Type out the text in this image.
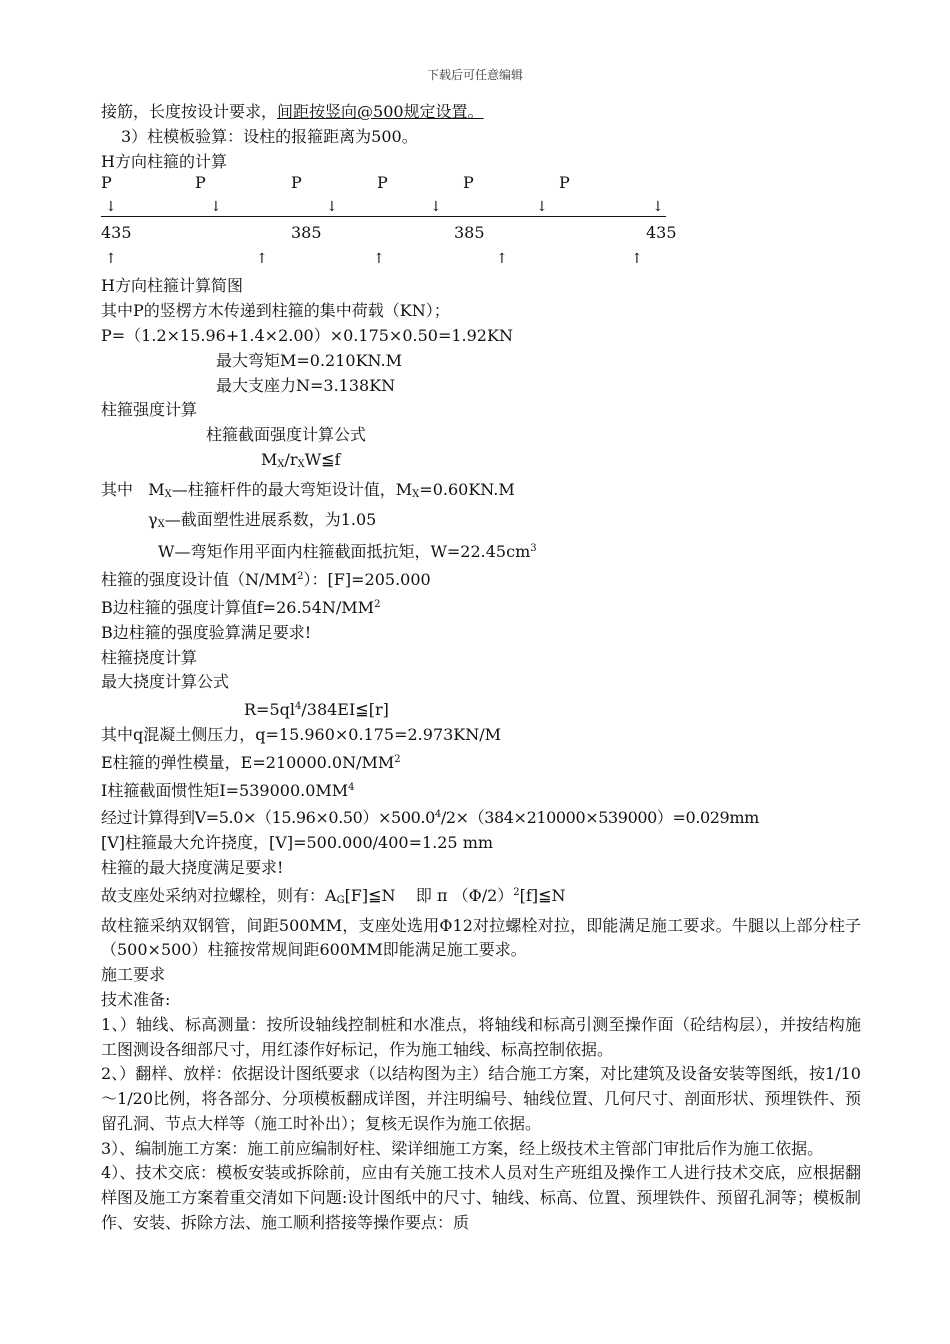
下载后可任意编辑

接筋，长度按设计要求，间距按竖向@500规定设置。

3）柱模板验算：设柱的报箍距离为500。

H方向柱箍的计算

P	P	P	P	P	P
↓	↓	↓	↓	↓	↓
435	385	385	435
↑	↑	↑	↑	↑

H方向柱箍计算简图

其中P的竖楞方木传递到柱箍的集中荷载（KN）；

P=（1.2×15.96+1.4×2.00）×0.175×0.50=1.92KN

最大弯矩M=0.210KN.M

最大支座力N=3.138KN

柱箍强度计算

柱箍截面强度计算公式

$M_X/r_XW≦f$

其中   $M_X—$柱箍杆件的最大弯矩设计值，$M_X=0.60KN.M$

$\gamma_X—$截面塑性进展系数，为1.05

W—弯矩作用平面内柱箍截面抵抗矩，$W=22.45cm^3$

柱箍的强度设计值$(N/MM^2)$：[F]=205.000

B边柱箍的强度计算值$f=26.54N/MM^2$

B边柱箍的强度验算满足要求!

柱箍挠度计算

最大挠度计算公式

$R=5ql^4/384EI≦[r]$

其中q混凝土侧压力，q=15.960×0.175=2.973KN/M

E柱箍的弹性模量，$E=210000.0N/MM^2$

I柱箍截面惯性矩$I=539000.0MM^4$

经过计算得到$V=5.0\times(15.96\times 0.50)\times 500.0^4/2\times(384\times 210000\times 539000)=0.029mm$

[V]柱箍最大允许挠度，[V]=500.000/400=1.25 mm

柱箍的最大挠度满足要求!

故支座处采纳对拉螺栓，则有：$A_G[F]≦N$    即 π $(\Phi/2)^2[f]≦N$

故柱箍采纳双钢管，间距500MM，支座处选用Φ12对拉螺栓对拉，即能满足施工要求。牛腿以上部分柱子（500×500）柱箍按常规间距600MM即能满足施工要求。

施工要求

技术准备:

1、）轴线、标高测量：按所设轴线控制桩和水准点，将轴线和标高引测至操作面（砼结构层），并按结构施工图测设各细部尺寸，用红漆作好标记，作为施工轴线、标高控制依据。

2、）翻样、放样：依据设计图纸要求（以结构图为主）结合施工方案，对比建筑及设备安装等图纸，按1/10～1/20比例，将各部分、分项模板翻成详图，并注明编号、轴线位置、几何尺寸、剖面形状、预埋铁件、预留孔洞、节点大样等（施工时补出）；复核无误作为施工依据。

3）、编制施工方案：施工前应编制好柱、梁详细施工方案，经上级技术主管部门审批后作为施工依据。

4）、技术交底：模板安装或拆除前，应由有关施工技术人员对生产班组及操作工人进行技术交底，应根据翻样图及施工方案着重交清如下问题:设计图纸中的尺寸、轴线、标高、位置、预埋铁件、预留孔洞等；模板制作、安装、拆除方法、施工顺利搭接等操作要点：质
